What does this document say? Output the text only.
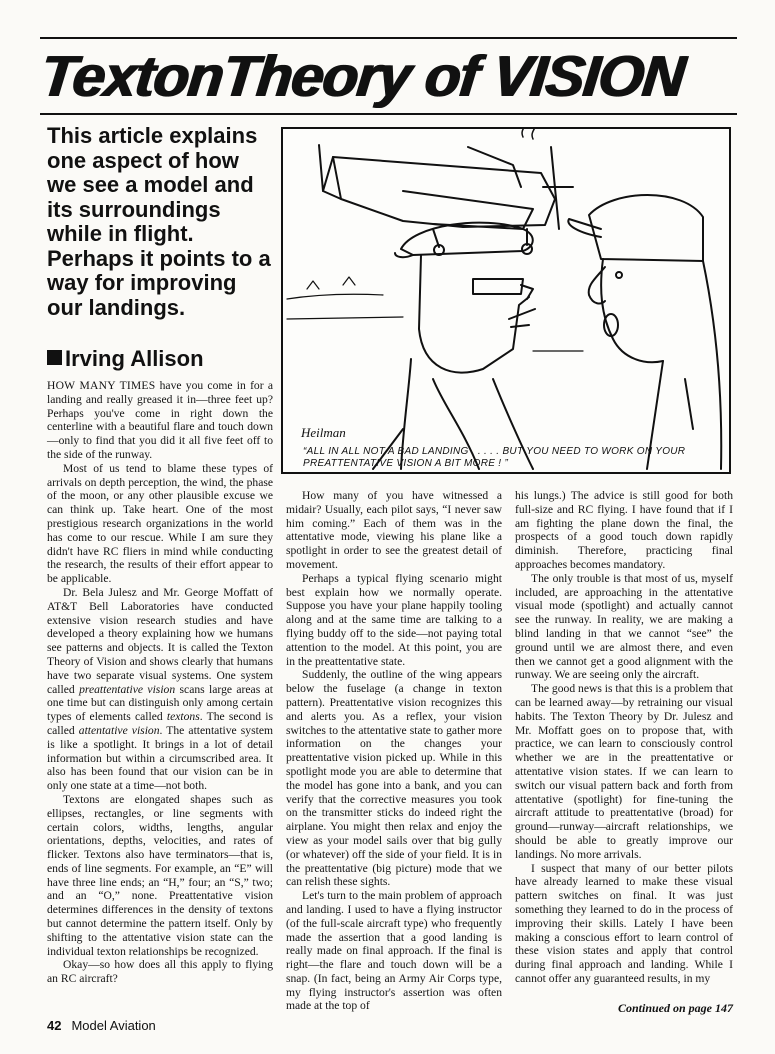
TextonTheory of VISION
This article explains one aspect of how we see a model and its surroundings while in flight. Perhaps it points to a way for improving our landings.
Irving Allison
Heilman
“ALL IN ALL NOT A BAD LANDING . . . . . BUT YOU NEED TO WORK ON YOUR PREATTENTATIVE VISION A BIT MORE ! ”

HOW MANY TIMES have you come in for a landing and really greased it in—three feet up? Perhaps you've come in right down the centerline with a beautiful flare and touch down—only to find that you did it all five feet off to the side of the runway.

Most of us tend to blame these types of arrivals on depth perception, the wind, the phase of the moon, or any other plausible excuse we can think up. Take heart. One of the most prestigious research organizations in the world has come to our rescue. While I am sure they didn't have RC fliers in mind while conducting the research, the results of their effort appear to be applicable.

Dr. Bela Julesz and Mr. George Moffatt of AT&T Bell Laboratories have conducted extensive vision research studies and have developed a theory explaining how we humans see patterns and objects. It is called the Texton Theory of Vision and shows clearly that humans have two separate visual systems. One system called preattentative vision scans large areas at one time but can distinguish only among certain types of elements called textons. The second is called attentative vision. The attentative system is like a spotlight. It brings in a lot of detail information but within a circumscribed area. It also has been found that our vision can be in only one state at a time—not both.

Textons are elongated shapes such as ellipses, rectangles, or line segments with certain colors, widths, lengths, angular orientations, depths, velocities, and rates of flicker. Textons also have terminators—that is, ends of line segments. For example, an “E” will have three line ends; an “H,” four; an “S,” two; and an “O,” none. Preattentative vision determines differences in the density of textons but cannot determine the pattern itself. Only by shifting to the attentative vision state can the individual texton relationships be recognized.

Okay—so how does all this apply to flying an RC aircraft?

How many of you have witnessed a midair? Usually, each pilot says, “I never saw him coming.” Each of them was in the attentative mode, viewing his plane like a spotlight in order to see the greatest detail of movement.

Perhaps a typical flying scenario might best explain how we normally operate. Suppose you have your plane happily tooling along and at the same time are talking to a flying buddy off to the side—not paying total attention to the model. At this point, you are in the preattentative state.

Suddenly, the outline of the wing appears below the fuselage (a change in texton pattern). Preattentative vision recognizes this and alerts you. As a reflex, your vision switches to the attentative state to gather more information on the changes your preattentative vision picked up. While in this spotlight mode you are able to determine that the model has gone into a bank, and you can verify that the corrective measures you took on the transmitter sticks do indeed right the airplane. You might then relax and enjoy the view as your model sails over that big gully (or whatever) off the side of your field. It is in the preattentative (big picture) mode that we can relish these sights.

Let's turn to the main problem of approach and landing. I used to have a flying instructor (of the full-scale aircraft type) who frequently made the assertion that a good landing is really made on final approach. If the final is right—the flare and touch down will be a snap. (In fact, being an Army Air Corps type, my flying instructor's assertion was often made at the top of

his lungs.) The advice is still good for both full-size and RC flying. I have found that if I am fighting the plane down the final, the prospects of a good touch down rapidly diminish. Therefore, practicing final approaches becomes mandatory.

The only trouble is that most of us, myself included, are approaching in the attentative visual mode (spotlight) and actually cannot see the runway. In reality, we are making a blind landing in that we cannot “see” the ground until we are almost there, and even then we cannot get a good alignment with the runway. We are seeing only the aircraft.

The good news is that this is a problem that can be learned away—by retraining our visual habits. The Texton Theory by Dr. Julesz and Mr. Moffatt goes on to propose that, with practice, we can learn to consciously control whether we are in the preattentative or attentative vision states. If we can learn to switch our visual pattern back and forth from attentative (spotlight) for fine-tuning the aircraft attitude to preattentative (broad) for ground—runway—aircraft relationships, we should be able to greatly improve our landings. No more arrivals.

I suspect that many of our better pilots have already learned to make these visual pattern switches on final. It was just something they learned to do in the process of improving their skills. Lately I have been making a conscious effort to learn control of these vision states and apply that control during final approach and landing. While I cannot offer any guaranteed results, in my

Continued on page 147
42 Model Aviation
